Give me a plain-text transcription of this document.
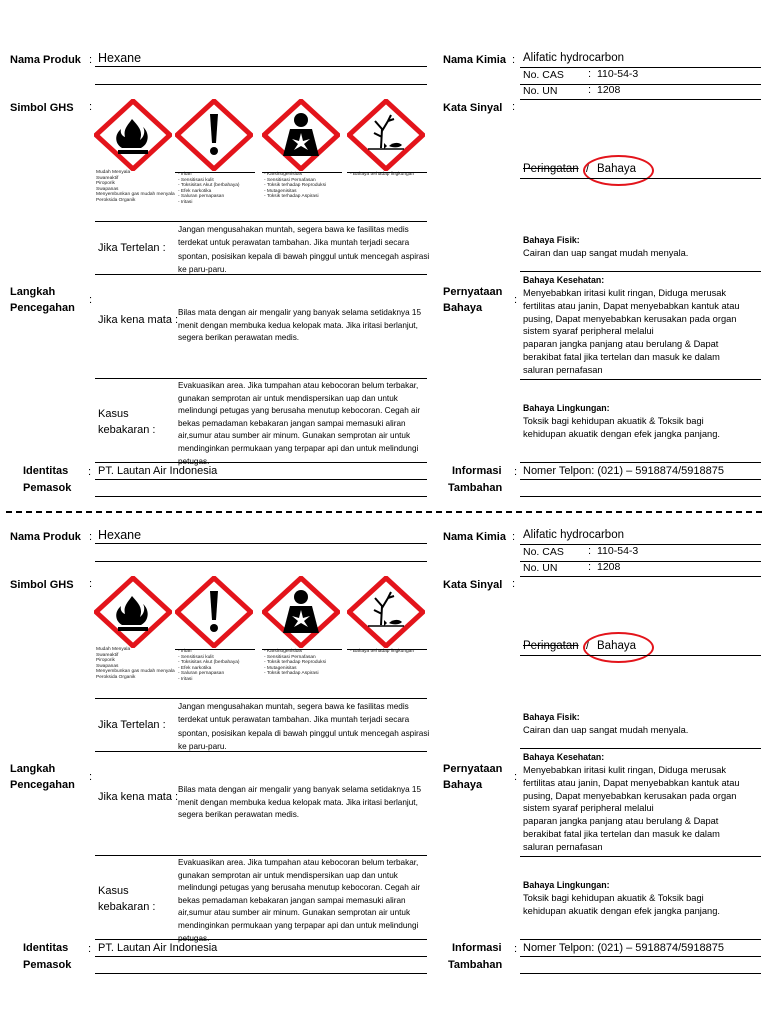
Nama Produk : Hexane	Nama Kimia : Alifatic hydrocarbon
No. CAS : 110-54-3
No. UN	: 1208
Simbol GHS :
Mudah Menyala
Swareaktif
Piroporik
Swapanas
Menyembunkan gas mudah menyala
Peroksida Organik
- Iritan
- Sensitisasi kulit
- Toksisitas Akut (berbahaya)
- Efek narkotika
- Saluran pernapasan
- Iritasi
- Karsinogenisitas
- Sensitisasi Pernafasan
- Toksik terhadap Reproduksi
- Mutagenisitas
- Toksik terhadap Aspirasi
- Bahaya terhadap lingkungan
Kata Sinyal :
Peringatan / Bahaya
Langkah
Pencegahan
:
Jika Tertelan :
Jangan mengusahakan muntah, segera bawa ke fasilitas medis
terdekat untuk perawatan tambahan. Jika muntah terjadi secara
spontan, posisikan kepala di bawah pinggul untuk mencegah aspirasi
ke paru-paru.
Jika kena mata :
Bilas mata dengan air mengalir yang banyak selama setidaknya 15
menit dengan membuka kedua kelopak mata. Jika iritasi berlanjut,
segera berikan perawatan medis.
Kasus
kebakaran :
Evakuasikan area. Jika tumpahan atau kebocoran belum terbakar,
gunakan semprotan air untuk mendispersikan uap dan untuk
melindungi petugas yang berusaha menutup kebocoran. Cegah air
bekas pemadaman kebakaran jangan sampai memasuki aliran
air,sumur atau sumber air minum. Gunakan semprotan air untuk
mendinginkan permukaan yang terpapar api dan untuk melindungi
petugas.
Pernyataan
Bahaya
:
Bahaya Fisik:
Cairan dan uap sangat mudah menyala.
Bahaya Kesehatan:
Menyebabkan iritasi kulit ringan, Diduga merusak
fertilitas atau janin, Dapat menyebabkan kantuk atau
pusing, Dapat menyebabkan kerusakan pada organ
sistem syaraf peripheral melalui
paparan jangka panjang atau berulang & Dapat
berakibat fatal jika tertelan dan masuk ke dalam
saluran pernafasan
Bahaya Lingkungan:
Toksik bagi kehidupan akuatik & Toksik bagi
kehidupan akuatik dengan efek jangka panjang.
Identitas
Pemasok
: PT. Lautan Air Indonesia	Informasi
Tambahan
: Nomer Telpon: (021) – 5918874/5918875
Nama Produk : Hexane	Nama Kimia : Alifatic hydrocarbon
No. CAS : 110-54-3
No. UN	: 1208
Simbol GHS :
Mudah Menyala
Swareaktif
Piroporik
Swapanas
Menyembunkan gas mudah menyala
Peroksida Organik
- Iritan
- Sensitisasi kulit
- Toksisitas Akut (berbahaya)
- Efek narkotika
- Saluran pernapasan
- Iritasi
- Karsinogenisitas
- Sensitisasi Pernafasan
- Toksik terhadap Reproduksi
- Mutagenisitas
- Toksik terhadap Aspirasi
- Bahaya terhadap lingkungan
Kata Sinyal :
Peringatan / Bahaya
Langkah
Pencegahan
:
Jika Tertelan :
Jangan mengusahakan muntah, segera bawa ke fasilitas medis
terdekat untuk perawatan tambahan. Jika muntah terjadi secara
spontan, posisikan kepala di bawah pinggul untuk mencegah aspirasi
ke paru-paru.
Jika kena mata :
Bilas mata dengan air mengalir yang banyak selama setidaknya 15
menit dengan membuka kedua kelopak mata. Jika iritasi berlanjut,
segera berikan perawatan medis.
Kasus
kebakaran :
Evakuasikan area. Jika tumpahan atau kebocoran belum terbakar,
gunakan semprotan air untuk mendispersikan uap dan untuk
melindungi petugas yang berusaha menutup kebocoran. Cegah air
bekas pemadaman kebakaran jangan sampai memasuki aliran
air,sumur atau sumber air minum. Gunakan semprotan air untuk
mendinginkan permukaan yang terpapar api dan untuk melindungi
petugas.
Pernyataan
Bahaya
:
Bahaya Fisik:
Cairan dan uap sangat mudah menyala.
Bahaya Kesehatan:
Menyebabkan iritasi kulit ringan, Diduga merusak
fertilitas atau janin, Dapat menyebabkan kantuk atau
pusing, Dapat menyebabkan kerusakan pada organ
sistem syaraf peripheral melalui
paparan jangka panjang atau berulang & Dapat
berakibat fatal jika tertelan dan masuk ke dalam
saluran pernafasan
Bahaya Lingkungan:
Toksik bagi kehidupan akuatik & Toksik bagi
kehidupan akuatik dengan efek jangka panjang.
Identitas
Pemasok
: PT. Lautan Air Indonesia	Informasi
Tambahan
: Nomer Telpon: (021) – 5918874/5918875
